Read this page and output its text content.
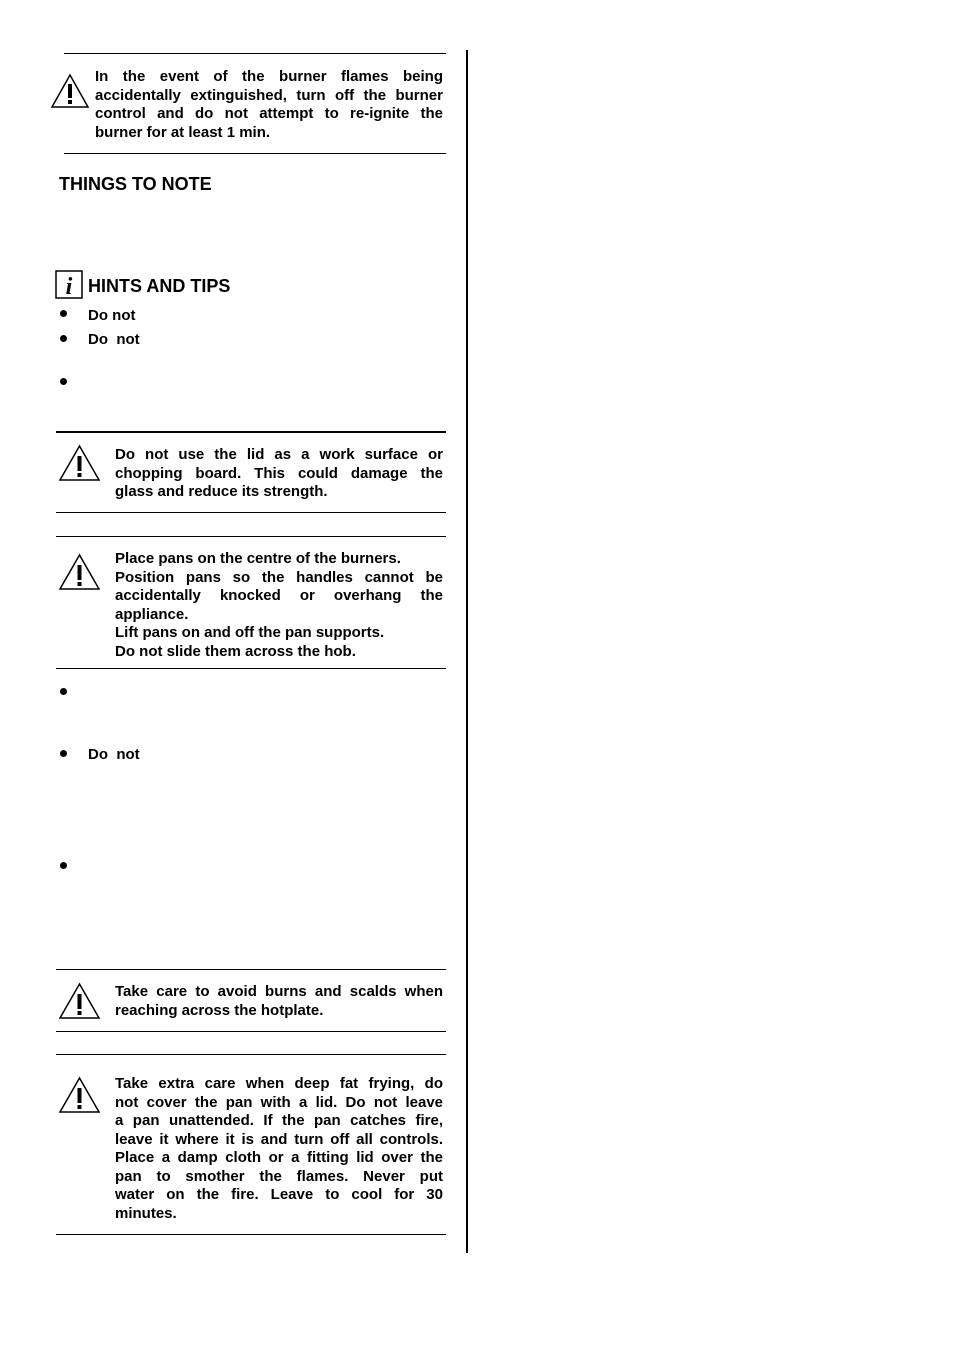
In the event of the burner flames being
accidentally extinguished, turn off the burner
control and do not attempt to re-ignite the
burner for at least 1 min.
THINGS TO NOTE
i HINTS AND TIPS
Do not
Do  not
Do not use the lid as a work surface or
chopping board. This could damage the
glass and reduce its strength.
Place pans on the centre of the burners.
Position pans so the handles cannot be
accidentally knocked or overhang the
appliance.
Lift pans on and off the pan supports.
Do not slide them across the hob.
Do  not
Take care to avoid burns and scalds when
reaching across the hotplate.
Take extra care when deep fat frying, do
not cover the pan with a lid. Do not leave
a pan unattended. If the pan catches fire,
leave it where it is and turn off all controls.
Place a damp cloth or a fitting lid over the
pan to smother the flames. Never put
water on the fire. Leave to cool for 30
minutes.
